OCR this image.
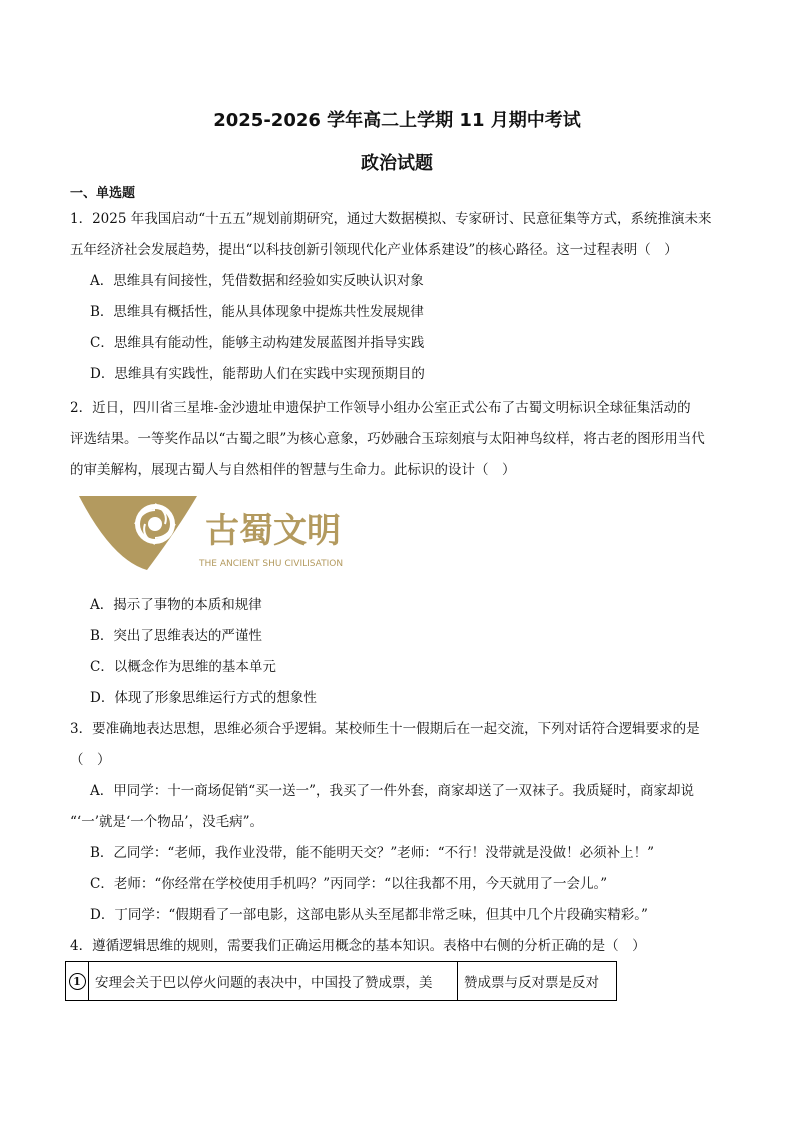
2025-2026 学年高二上学期 11 月期中考试
政治试题
一、单选题
1．2025 年我国启动“十五五”规划前期研究，通过大数据模拟、专家研讨、民意征集等方式，系统推演未来
五年经济社会发展趋势，提出“以科技创新引领现代化产业体系建设”的核心路径。这一过程表明（　）
A．思维具有间接性，凭借数据和经验如实反映认识对象
B．思维具有概括性，能从具体现象中提炼共性发展规律
C．思维具有能动性，能够主动构建发展蓝图并指导实践
D．思维具有实践性，能帮助人们在实践中实现预期目的
2．近日，四川省三星堆-金沙遗址申遗保护工作领导小组办公室正式公布了古蜀文明标识全球征集活动的
评选结果。一等奖作品以“古蜀之眼”为核心意象，巧妙融合玉琮刻痕与太阳神鸟纹样，将古老的图形用当代
的审美解构，展现古蜀人与自然相伴的智慧与生命力。此标识的设计（　）
古蜀文明
THE ANCIENT SHU CIVILISATION
A．揭示了事物的本质和规律
B．突出了思维表达的严谨性
C．以概念作为思维的基本单元
D．体现了形象思维运行方式的想象性
3．要准确地表达思想，思维必须合乎逻辑。某校师生十一假期后在一起交流，下列对话符合逻辑要求的是
（　）
A．甲同学：十一商场促销“买一送一”，我买了一件外套，商家却送了一双袜子。我质疑时，商家却说
“‘一’就是‘一个物品’，没毛病”。
B．乙同学：“老师，我作业没带，能不能明天交？”老师：“不行！没带就是没做！必须补上！”
C．老师：“你经常在学校使用手机吗？”丙同学：“以往我都不用，今天就用了一会儿。”
D．丁同学：“假期看了一部电影，这部电影从头至尾都非常乏味，但其中几个片段确实精彩。”
4．遵循逻辑思维的规则，需要我们正确运用概念的基本知识。表格中右侧的分析正确的是（　）
1	安理会关于巴以停火问题的表决中，中国投了赞成票，美	赞成票与反对票是反对
